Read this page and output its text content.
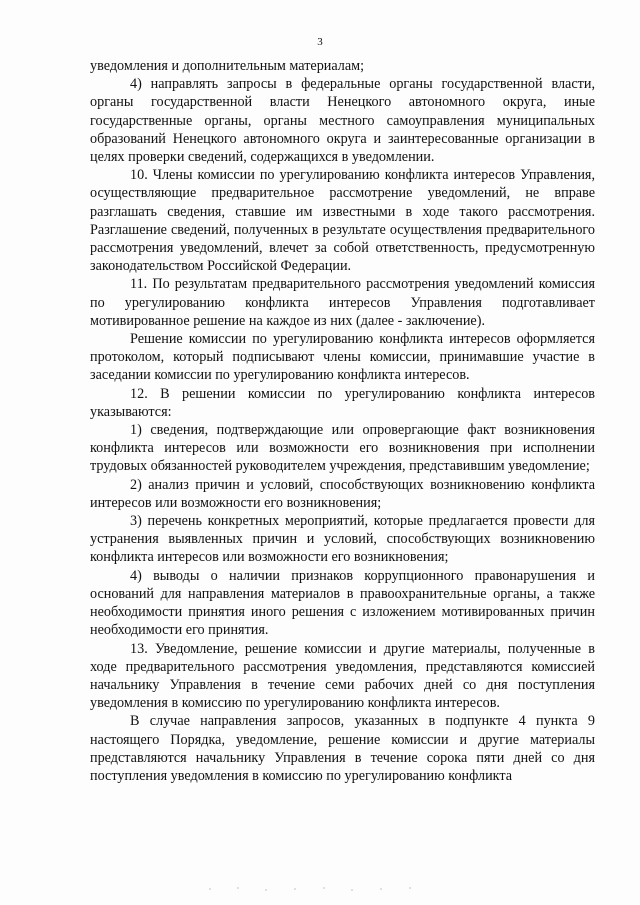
3

уведомления и дополнительным материалам;

4) направлять запросы в федеральные органы государственной власти, органы государственной власти Ненецкого автономного округа, иные государственные органы, органы местного самоуправления муниципальных образований Ненецкого автономного округа и заинтересованные организации в целях проверки сведений, содержащихся в уведомлении.

10. Члены комиссии по урегулированию конфликта интересов Управления, осуществляющие предварительное рассмотрение уведомлений, не вправе разглашать сведения, ставшие им известными в ходе такого рассмотрения. Разглашение сведений, полученных в результате осуществления предварительного рассмотрения уведомлений, влечет за собой ответственность, предусмотренную законодательством Российской Федерации.

11. По результатам предварительного рассмотрения уведомлений комиссия по урегулированию конфликта интересов Управления подготавливает мотивированное решение на каждое из них (далее - заключение).

Решение комиссии по урегулированию конфликта интересов оформляется протоколом, который подписывают члены комиссии, принимавшие участие в заседании комиссии по урегулированию конфликта интересов.

12. В решении комиссии по урегулированию конфликта интересов указываются:

1) сведения, подтверждающие или опровергающие факт возникновения конфликта интересов или возможности его возникновения при исполнении трудовых обязанностей руководителем учреждения, представившим уведомление;

2) анализ причин и условий, способствующих возникновению конфликта интересов или возможности его возникновения;

3) перечень конкретных мероприятий, которые предлагается провести для устранения выявленных причин и условий, способствующих возникновению конфликта интересов или возможности его возникновения;

4) выводы о наличии признаков коррупционного правонарушения и оснований для направления материалов в правоохранительные органы, а также необходимости принятия иного решения с изложением мотивированных причин необходимости его принятия.

13. Уведомление, решение комиссии и другие материалы, полученные в ходе предварительного рассмотрения уведомления, представляются комиссией начальнику Управления в течение семи рабочих дней со дня поступления уведомления в комиссию по урегулированию конфликта интересов.

В случае направления запросов, указанных в подпункте 4 пункта 9 настоящего Порядка, уведомление, решение комиссии и другие материалы представляются начальнику Управления в течение сорока пяти дней со дня поступления уведомления в комиссию по урегулированию конфликта
